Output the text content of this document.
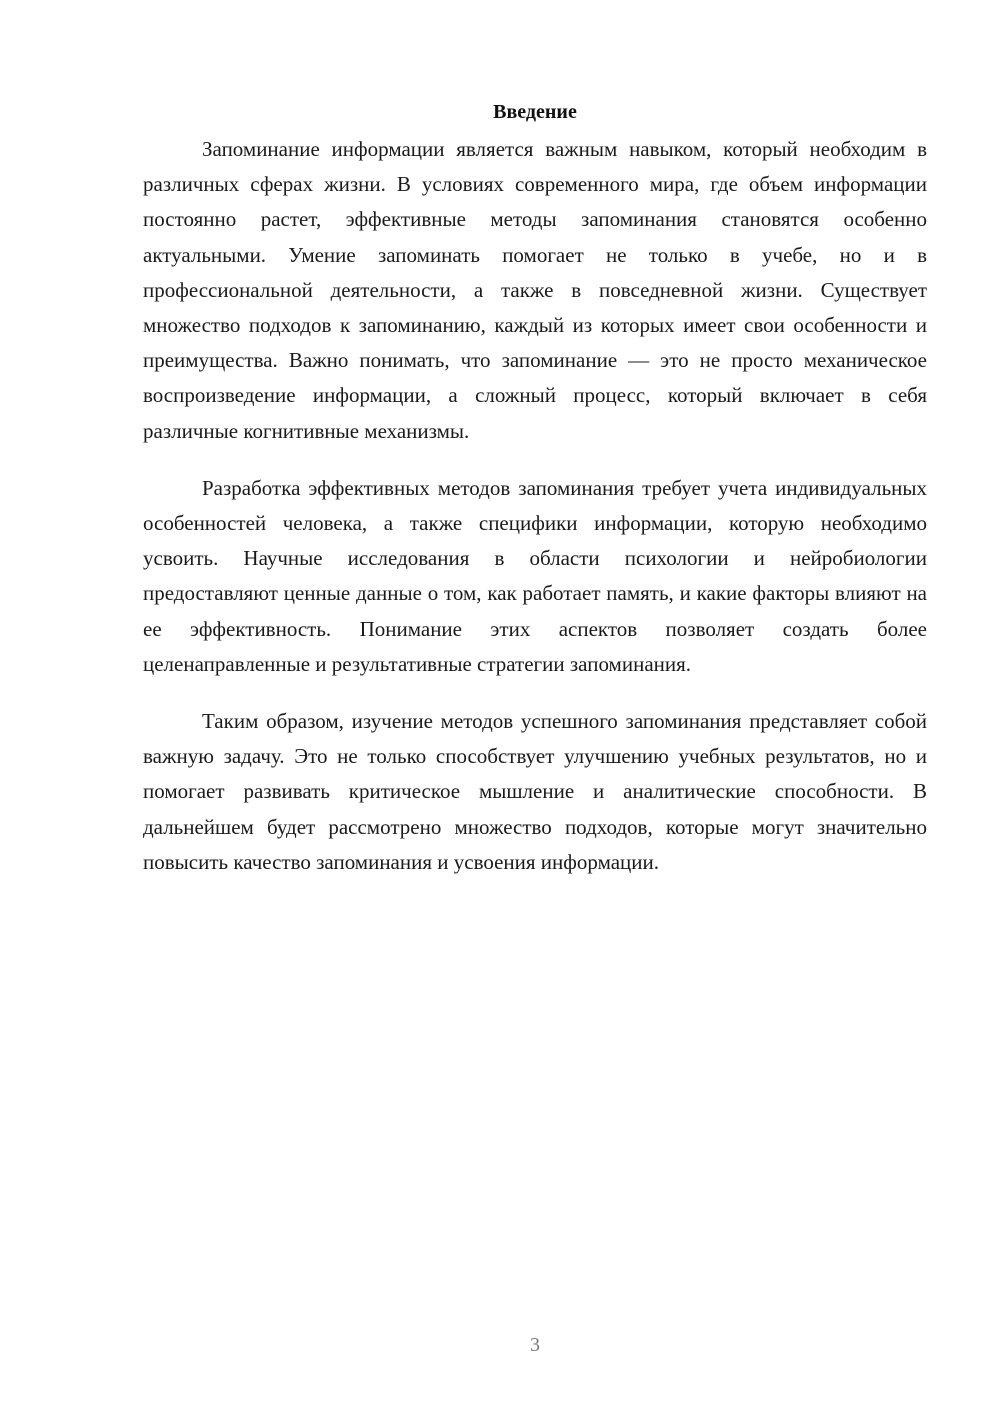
Введение

Запоминание информации является важным навыком, который необходим в различных сферах жизни. В условиях современного мира, где объем информации постоянно растет, эффективные методы запоминания становятся особенно актуальными. Умение запоминать помогает не только в учебе, но и в профессиональной деятельности, а также в повседневной жизни. Существует множество подходов к запоминанию, каждый из которых имеет свои особенности и преимущества. Важно понимать, что запоминание — это не просто механическое воспроизведение информации, а сложный процесс, который включает в себя различные когнитивные механизмы.

Разработка эффективных методов запоминания требует учета индивидуальных особенностей человека, а также специфики информации, которую необходимо усвоить. Научные исследования в области психологии и нейробиологии предоставляют ценные данные о том, как работает память, и какие факторы влияют на ее эффективность. Понимание этих аспектов позволяет создать более целенаправленные и результативные стратегии запоминания.

Таким образом, изучение методов успешного запоминания представляет собой важную задачу. Это не только способствует улучшению учебных результатов, но и помогает развивать критическое мышление и аналитические способности. В дальнейшем будет рассмотрено множество подходов, которые могут значительно повысить качество запоминания и усвоения информации.

3
